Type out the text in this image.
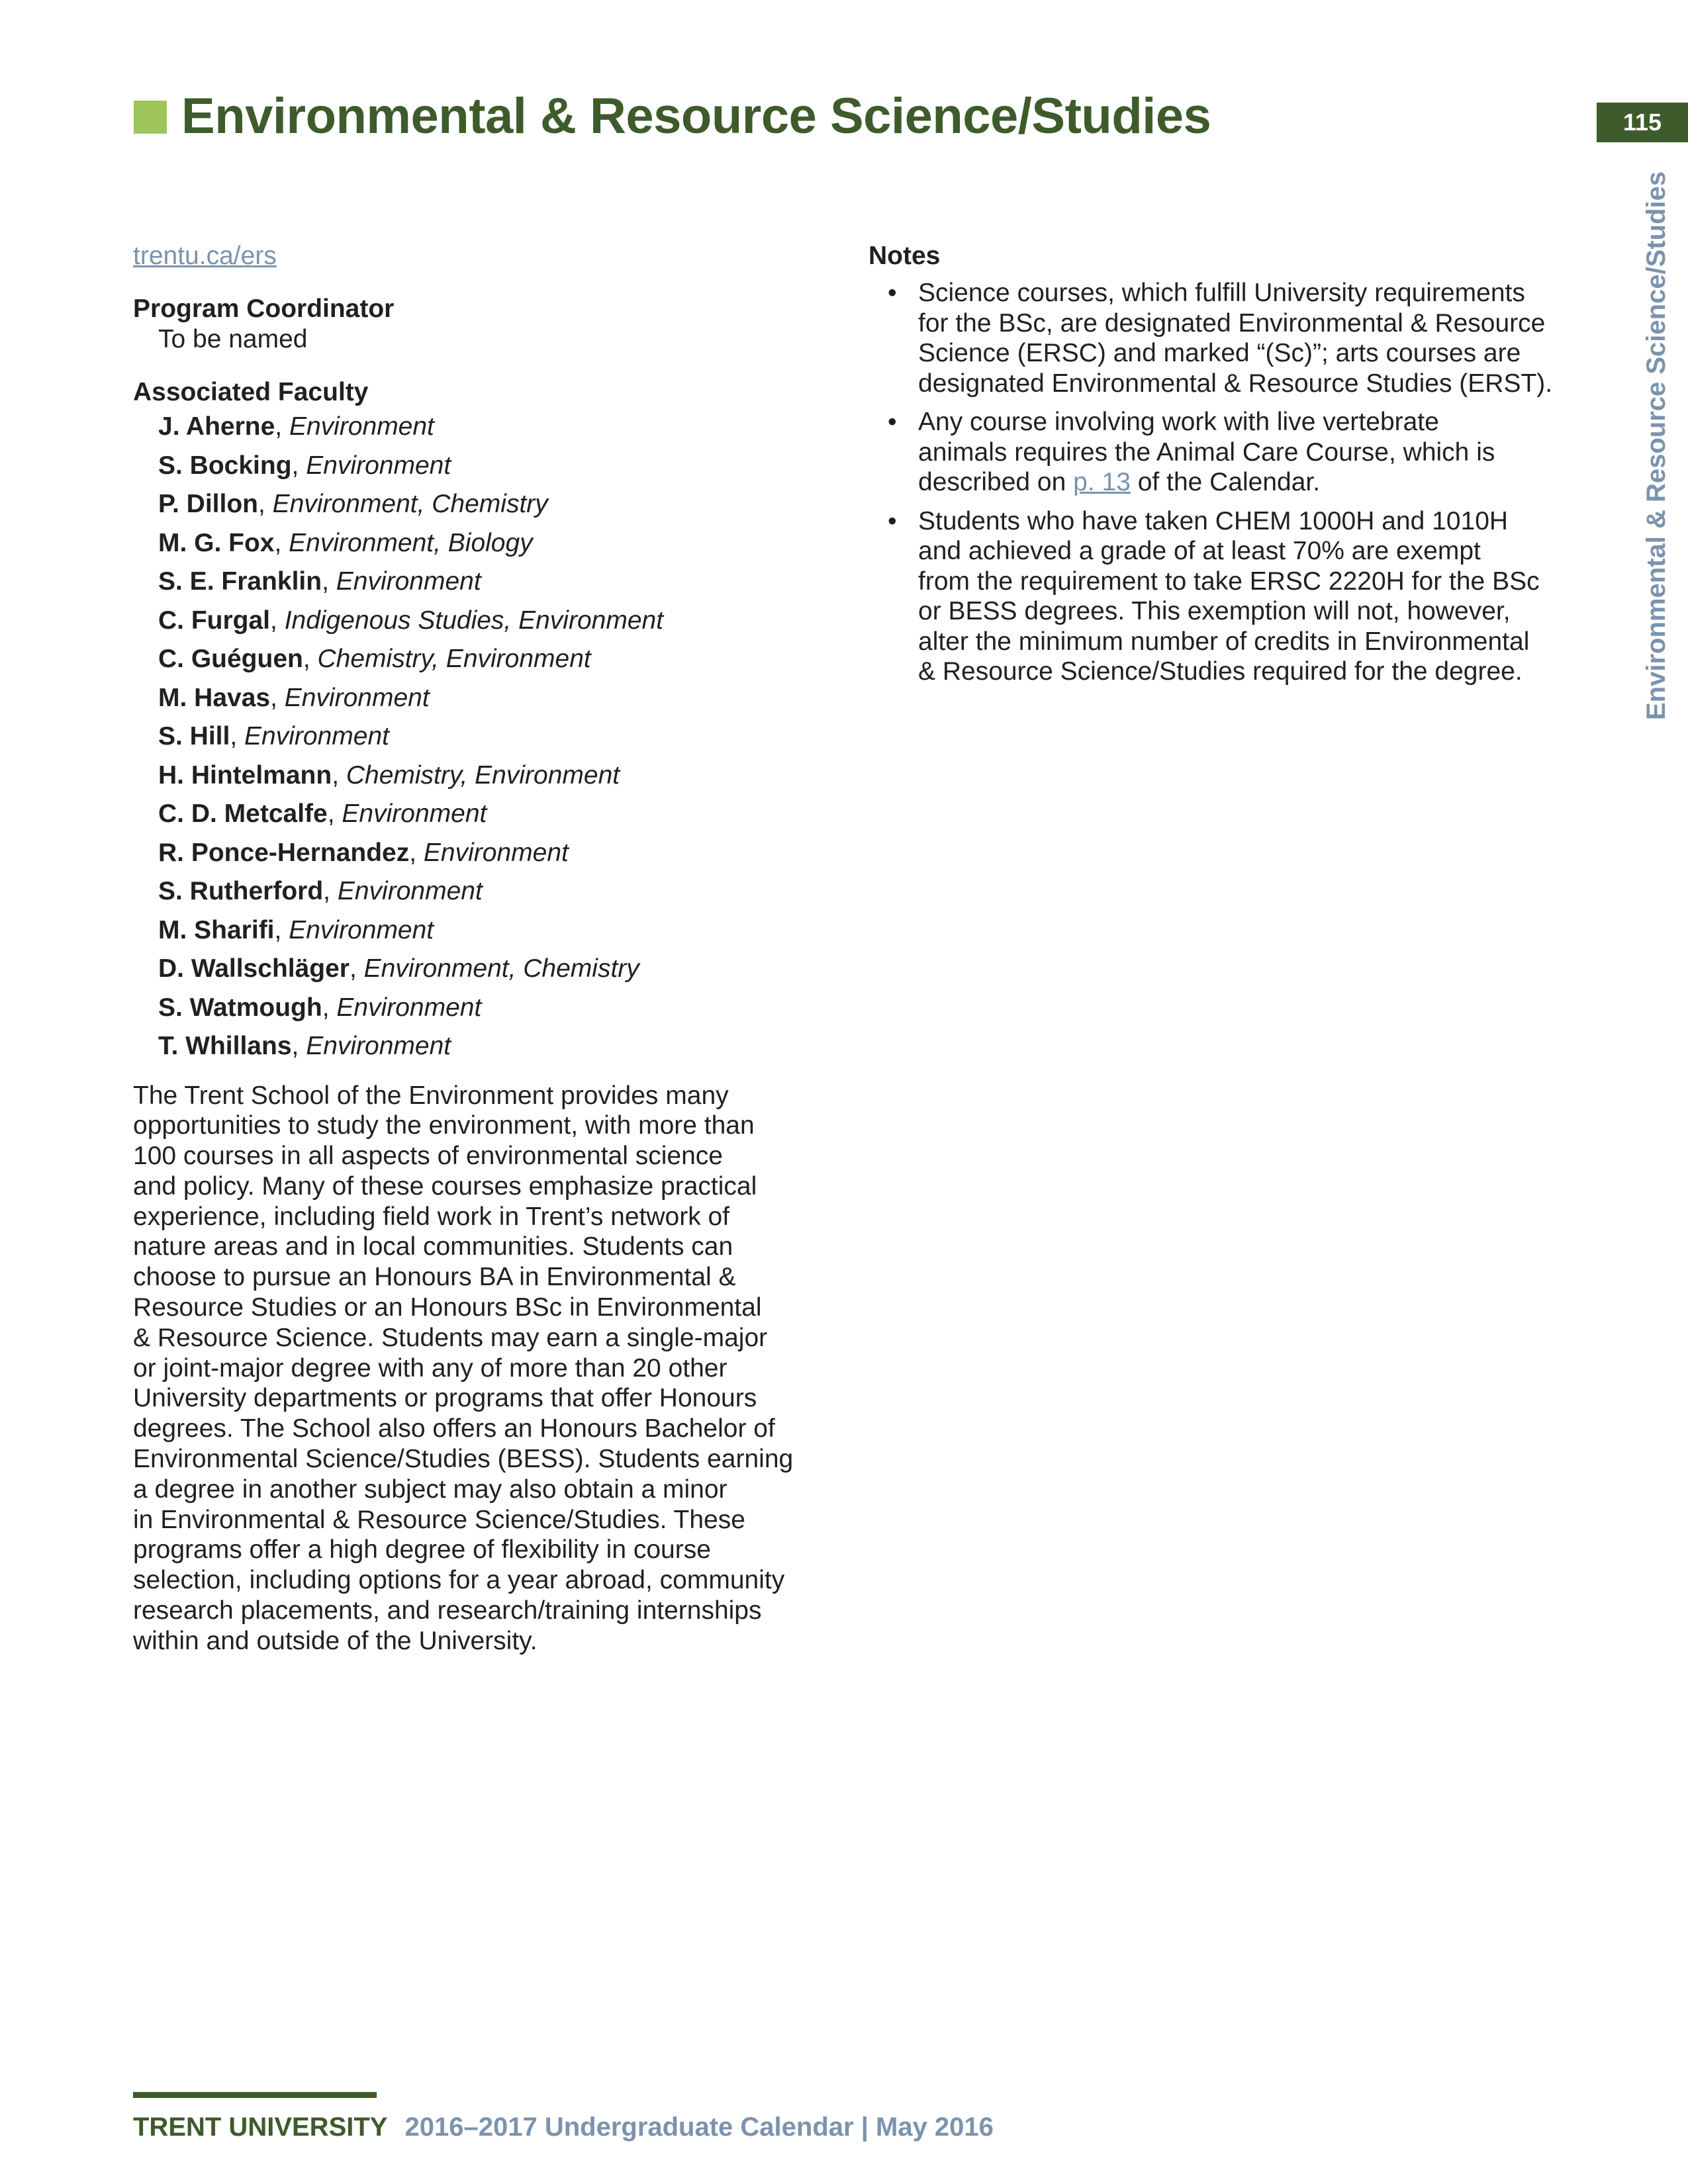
Environmental & Resource Science/Studies	115
Environmental & Resource Science/Studies
trentu.ca/ers
Program Coordinator
To be named
Associated Faculty
J. Aherne, Environment
S. Bocking, Environment
P. Dillon, Environment, Chemistry
M. G. Fox, Environment, Biology
S. E. Franklin, Environment
C. Furgal, Indigenous Studies, Environment
C. Guéguen, Chemistry, Environment
M. Havas, Environment
S. Hill, Environment
H. Hintelmann, Chemistry, Environment
C. D. Metcalfe, Environment
R. Ponce-Hernandez, Environment
S. Rutherford, Environment
M. Sharifi, Environment
D. Wallschläger, Environment, Chemistry
S. Watmough, Environment
T. Whillans, Environment
The Trent School of the Environment provides many
opportunities to study the environment, with more than
100 courses in all aspects of environmental science
and policy. Many of these courses emphasize practical
experience, including field work in Trent’s network of
nature areas and in local communities. Students can
choose to pursue an Honours BA in Environmental &
Resource Studies or an Honours BSc in Environmental
& Resource Science. Students may earn a single-major
or joint-major degree with any of more than 20 other
University departments or programs that offer Honours
degrees. The School also offers an Honours Bachelor of
Environmental Science/Studies (BESS). Students earning
a degree in another subject may also obtain a minor
in Environmental & Resource Science/Studies. These
programs offer a high degree of flexibility in course
selection, including options for a year abroad, community
research placements, and research/training internships
within and outside of the University.
Notes
• Science courses, which fulfill University requirements
for the BSc, are designated Environmental & Resource
Science (ERSC) and marked “(Sc)”; arts courses are
designated Environmental & Resource Studies (ERST).
• Any course involving work with live vertebrate
animals requires the Animal Care Course, which is
described on p. 13 of the Calendar.
• Students who have taken CHEM 1000H and 1010H
and achieved a grade of at least 70% are exempt
from the requirement to take ERSC 2220H for the BSc
or BESS degrees. This exemption will not, however,
alter the minimum number of credits in Environmental
& Resource Science/Studies required for the degree.
TRENT UNIVERSITY 2016–2017 Undergraduate Calendar | May 2016
